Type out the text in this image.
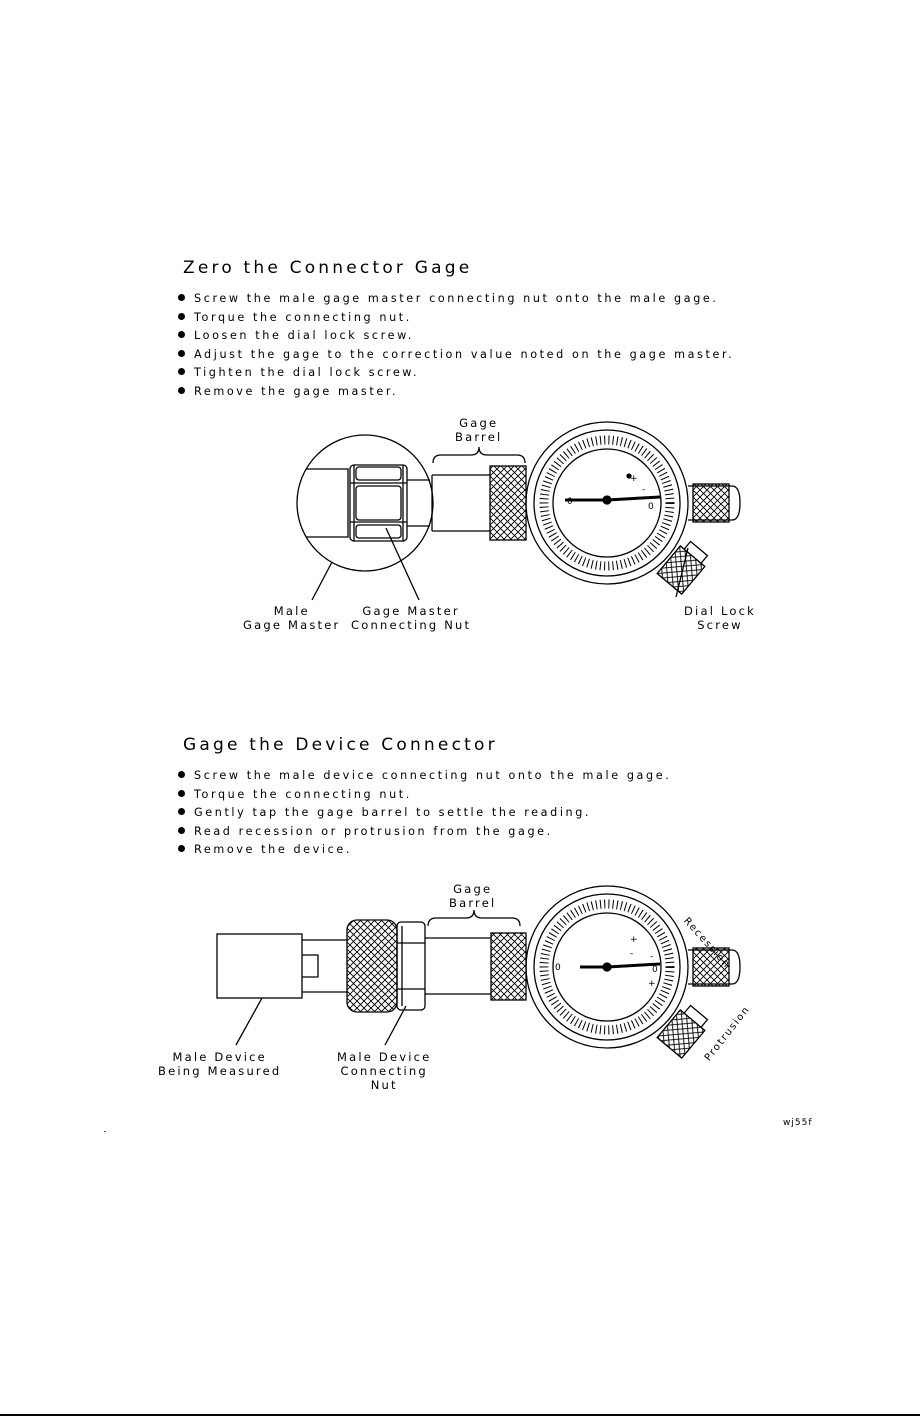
Zero the Connector Gage
Screw the male gage master connecting nut onto the male gage.
Torque the connecting nut.
Loosen the dial lock screw.
Adjust the gage to the correction value noted on the gage master.
Tighten the dial lock screw.
Remove the gage master.
Gage the Device Connector
Screw the male device connecting nut onto the male gage.
Torque the connecting nut.
Gently tap the gage barrel to settle the reading.
Read recession or protrusion from the gage.
Remove the device.
+
-
0	0
+
-
0	0
+
-
Gage
Barrel
Male
Gage Master
Gage Master
Connecting Nut
Dial Lock
Screw
Gage
Barrel
Male Device
Being Measured
Male Device
Connecting
Nut
Recession
Protrusion
wj55f
